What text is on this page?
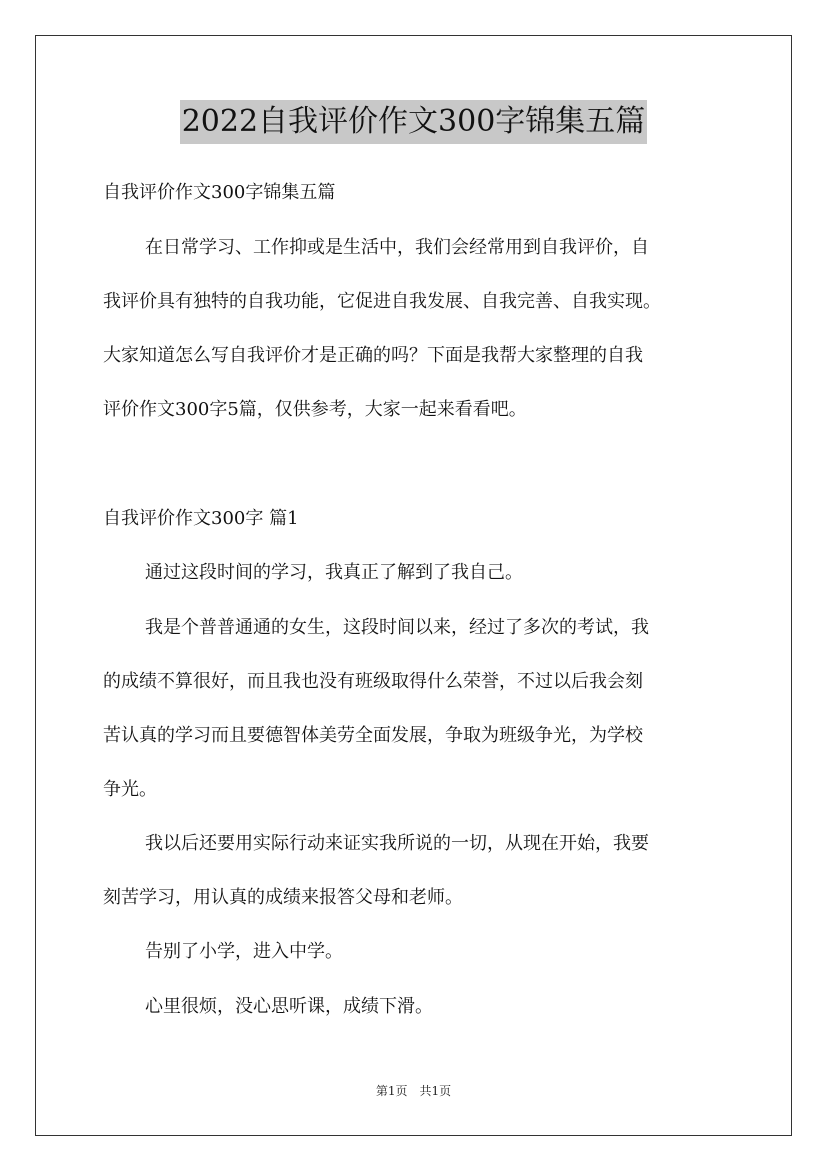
2022自我评价作文300字锦集五篇
自我评价作文300字锦集五篇
在日常学习、工作抑或是生活中，我们会经常用到自我评价，自
我评价具有独特的自我功能，它促进自我发展、自我完善、自我实现。
大家知道怎么写自我评价才是正确的吗？下面是我帮大家整理的自我
评价作文300字5篇，仅供参考，大家一起来看看吧。
自我评价作文300字 篇1
通过这段时间的学习，我真正了解到了我自己。
我是个普普通通的女生，这段时间以来，经过了多次的考试，我
的成绩不算很好，而且我也没有班级取得什么荣誉，不过以后我会刻
苦认真的学习而且要德智体美劳全面发展，争取为班级争光，为学校
争光。
我以后还要用实际行动来证实我所说的一切，从现在开始，我要
刻苦学习，用认真的成绩来报答父母和老师。
告别了小学，进入中学。
心里很烦，没心思听课，成绩下滑。
第1页 共1页
